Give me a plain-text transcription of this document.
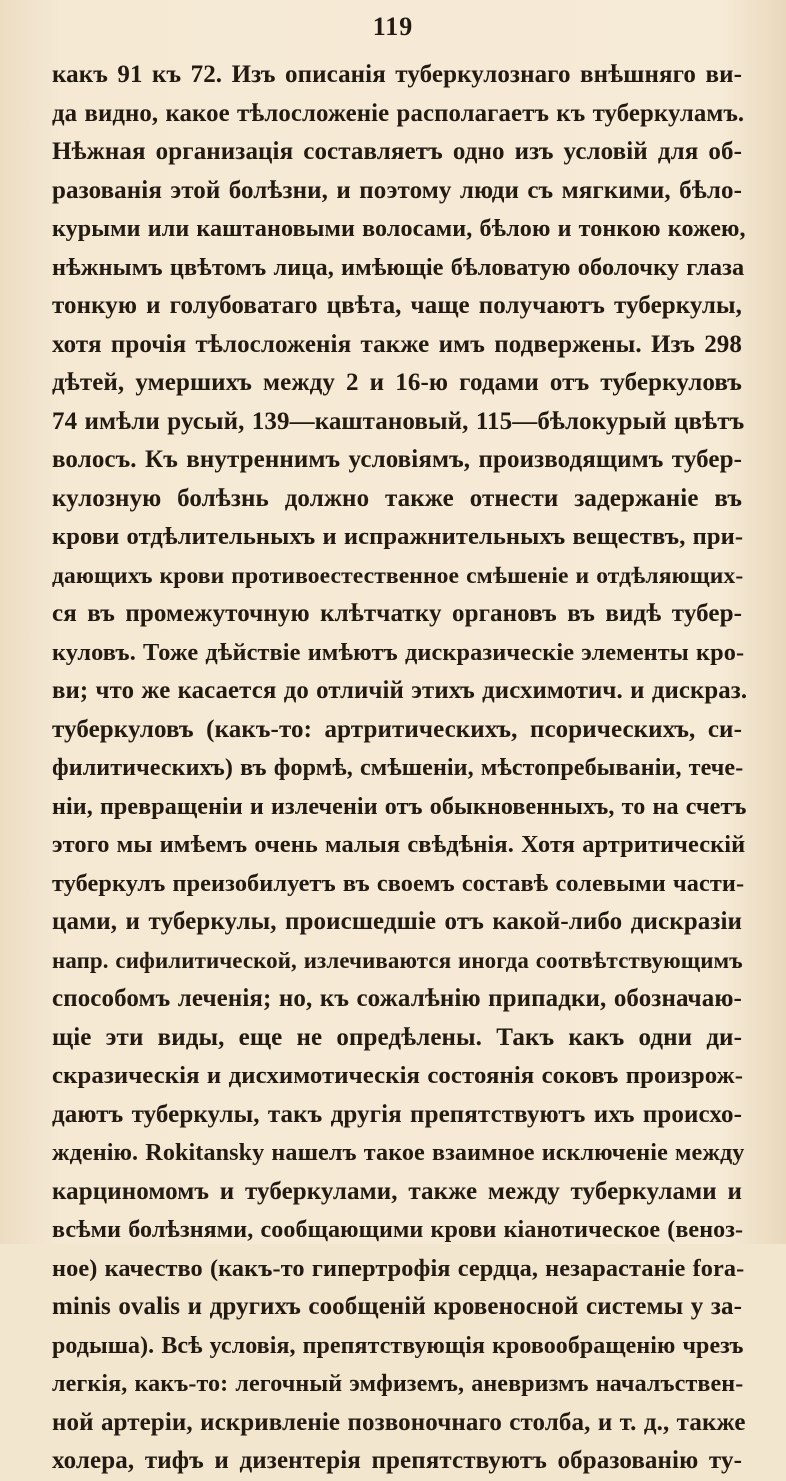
119
какъ 91 къ 72. Изъ описанія туберкулознаго внѣшняго ви-
да видно, какое тѣлосложеніе располагаетъ къ туберкуламъ.
Нѣжная организація составляетъ одно изъ условій для об-
разованія этой болѣзни, и поэтому люди съ мягкими, бѣло-
курыми или каштановыми волосами, бѣлою и тонкою кожею,
нѣжнымъ цвѣтомъ лица, имѣющіе бѣловатую оболочку глаза
тонкую и голубоватаго цвѣта, чаще получаютъ туберкулы,
хотя прочія тѣлосложенія также имъ подвержены. Изъ 298
дѣтей, умершихъ между 2 и 16-ю годами отъ туберкуловъ
74 имѣли русый, 139—каштановый, 115—бѣлокурый цвѣтъ
волосъ. Къ внутреннимъ условіямъ, производящимъ тубер-
кулозную болѣзнь должно также отнести задержаніе въ
крови отдѣлительныхъ и испражнительныхъ веществъ, при-
дающихъ крови противоестественное смѣшеніе и отдѣляющих-
ся въ промежуточную клѣтчатку органовъ въ видѣ тубер-
куловъ. Тоже дѣйствіе имѣютъ дискразическіе элементы кро-
ви; что же касается до отличій этихъ дисхимотич. и дискраз.
туберкуловъ (какъ-то: артритическихъ, псорическихъ, си-
филитическихъ) въ формѣ, смѣшеніи, мѣстопребываніи, тече-
ніи, превращеніи и излеченіи отъ обыкновенныхъ, то на счетъ
этого мы имѣемъ очень малыя свѣдѣнія. Хотя артритическій
туберкулъ преизобилуетъ въ своемъ составѣ солевыми части-
цами, и туберкулы, происшедшіе отъ какой-либо дискразіи
напр. сифилитической, излечиваются иногда соотвѣтствующимъ
способомъ леченія; но, къ сожалѣнію припадки, обозначаю-
щіе эти виды, еще не опредѣлены. Такъ какъ одни ди-
скразическія и дисхимотическія состоянія соковъ произрож-
даютъ туберкулы, такъ другія препятствуютъ ихъ происхо-
жденію. Rokitansky нашелъ такое взаимное исключеніе между
карциномомъ и туберкулами, также между туберкулами и
всѣми болѣзнями, сообщающими крови кіанотическое (веноз-
ное) качество (какъ-то гипертрофія сердца, незарастаніе fora-
minis ovalis и другихъ сообщеній кровеносной системы у за-
родыша). Всѣ условія, препятствующія кровообращенію чрезъ
легкія, какъ-то: легочный эмфиземъ, аневризмъ началъствен-
ной артеріи, искривленіе позвоночнаго столба, и т. д., также
холера, тифъ и дизентерія препятствуютъ образованію ту-
